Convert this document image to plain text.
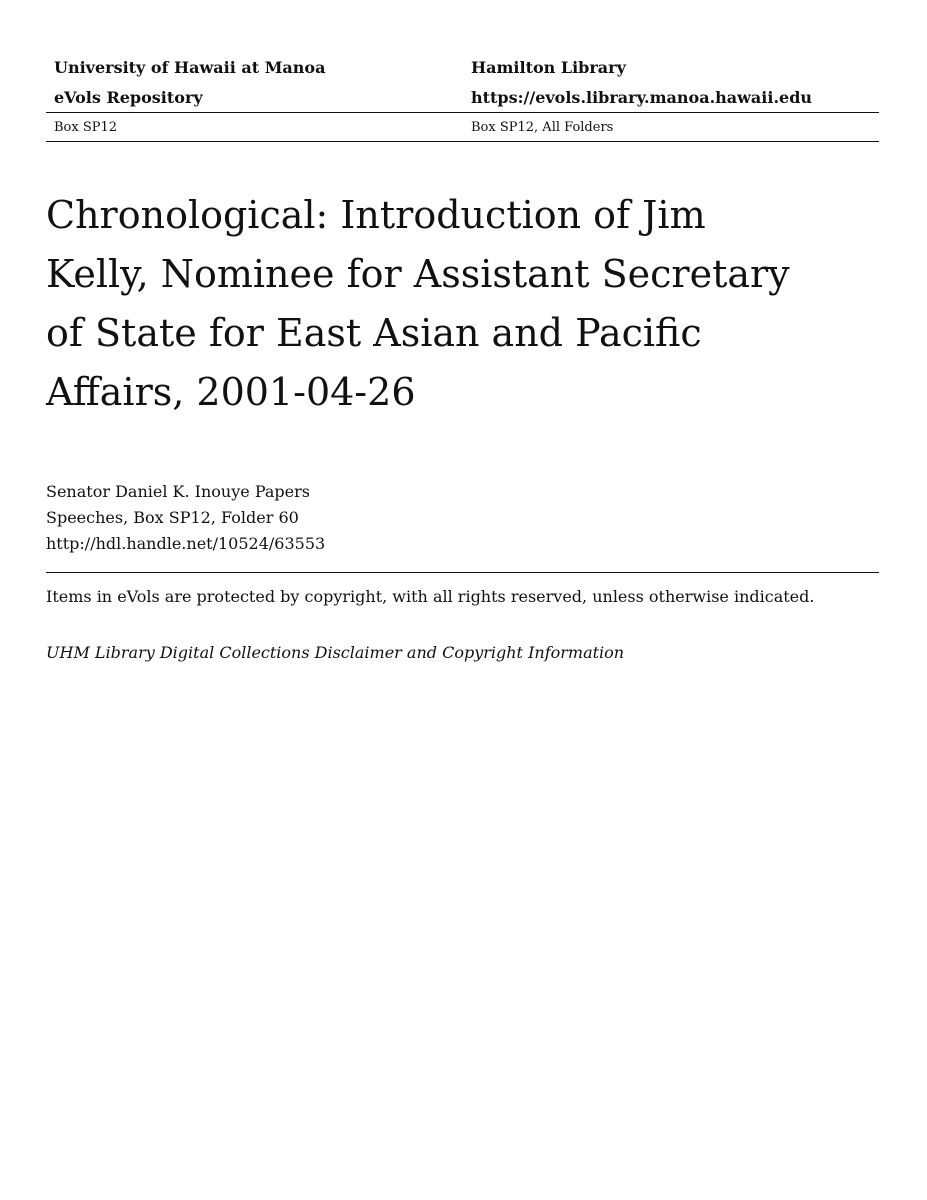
University of Hawaii at Manoa	Hamilton Library
eVols Repository	https://evols.library.manoa.hawaii.edu
Box SP12	Box SP12, All Folders
Chronological: Introduction of Jim Kelly, Nominee for Assistant Secretary of State for East Asian and Pacific Affairs, 2001-04-26
Senator Daniel K. Inouye Papers
Speeches, Box SP12, Folder 60
http://hdl.handle.net/10524/63553
Items in eVols are protected by copyright, with all rights reserved, unless otherwise indicated.
UHM Library Digital Collections Disclaimer and Copyright Information
